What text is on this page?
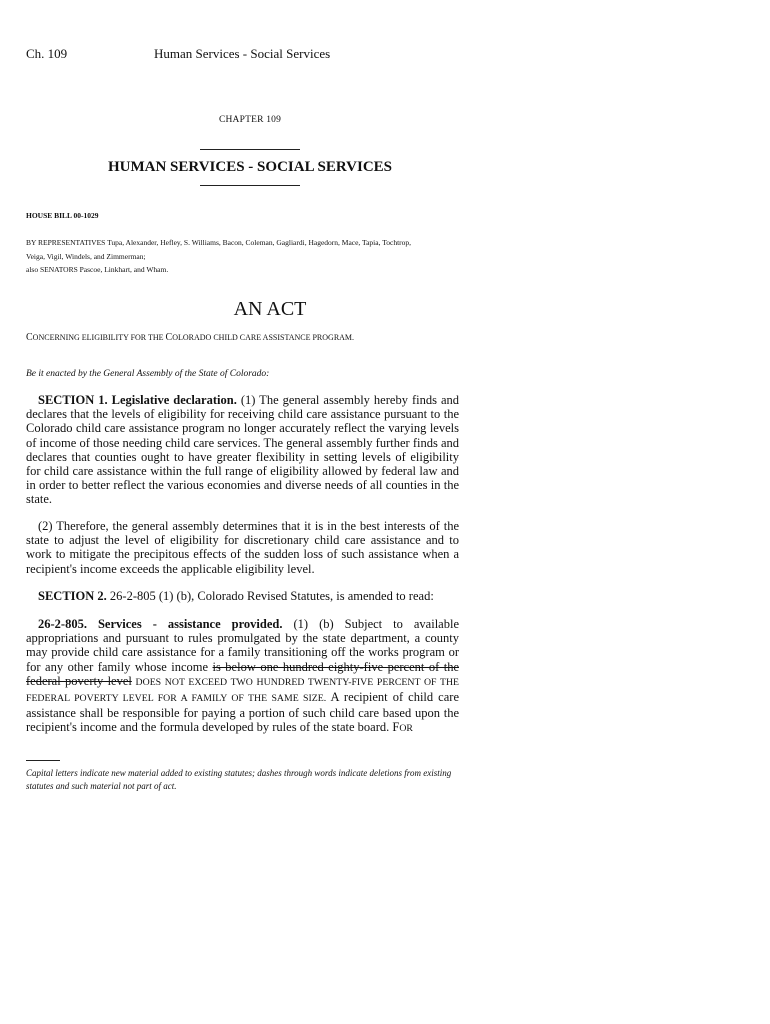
Ch. 109	Human Services - Social Services
CHAPTER 109
HUMAN SERVICES - SOCIAL SERVICES
HOUSE BILL 00-1029
BY REPRESENTATIVES Tupa, Alexander, Hefley, S. Williams, Bacon, Coleman, Gagliardi, Hagedorn, Mace, Tapia, Tochtrop,
Veiga, Vigil, Windels, and Zimmerman;
also SENATORS Pascoe, Linkhart, and Wham.
AN ACT
CONCERNING ELIGIBILITY FOR THE COLORADO CHILD CARE ASSISTANCE PROGRAM.
Be it enacted by the General Assembly of the State of Colorado:
SECTION 1. Legislative declaration. (1) The general assembly hereby finds and declares that the levels of eligibility for receiving child care assistance pursuant to the Colorado child care assistance program no longer accurately reflect the varying levels of income of those needing child care services. The general assembly further finds and declares that counties ought to have greater flexibility in setting levels of eligibility for child care assistance within the full range of eligibility allowed by federal law and in order to better reflect the various economies and diverse needs of all counties in the state.
(2) Therefore, the general assembly determines that it is in the best interests of the state to adjust the level of eligibility for discretionary child care assistance and to work to mitigate the precipitous effects of the sudden loss of such assistance when a recipient's income exceeds the applicable eligibility level.
SECTION 2. 26-2-805 (1) (b), Colorado Revised Statutes, is amended to read:
26-2-805. Services - assistance provided. (1) (b) Subject to available appropriations and pursuant to rules promulgated by the state department, a county may provide child care assistance for a family transitioning off the works program or for any other family whose income is below one hundred eighty-five percent of the federal poverty level DOES NOT EXCEED TWO HUNDRED TWENTY-FIVE PERCENT OF THE FEDERAL POVERTY LEVEL FOR A FAMILY OF THE SAME SIZE. A recipient of child care assistance shall be responsible for paying a portion of such child care based upon the recipient's income and the formula developed by rules of the state board. FOR
Capital letters indicate new material added to existing statutes; dashes through words indicate deletions from existing statutes and such material not part of act.
